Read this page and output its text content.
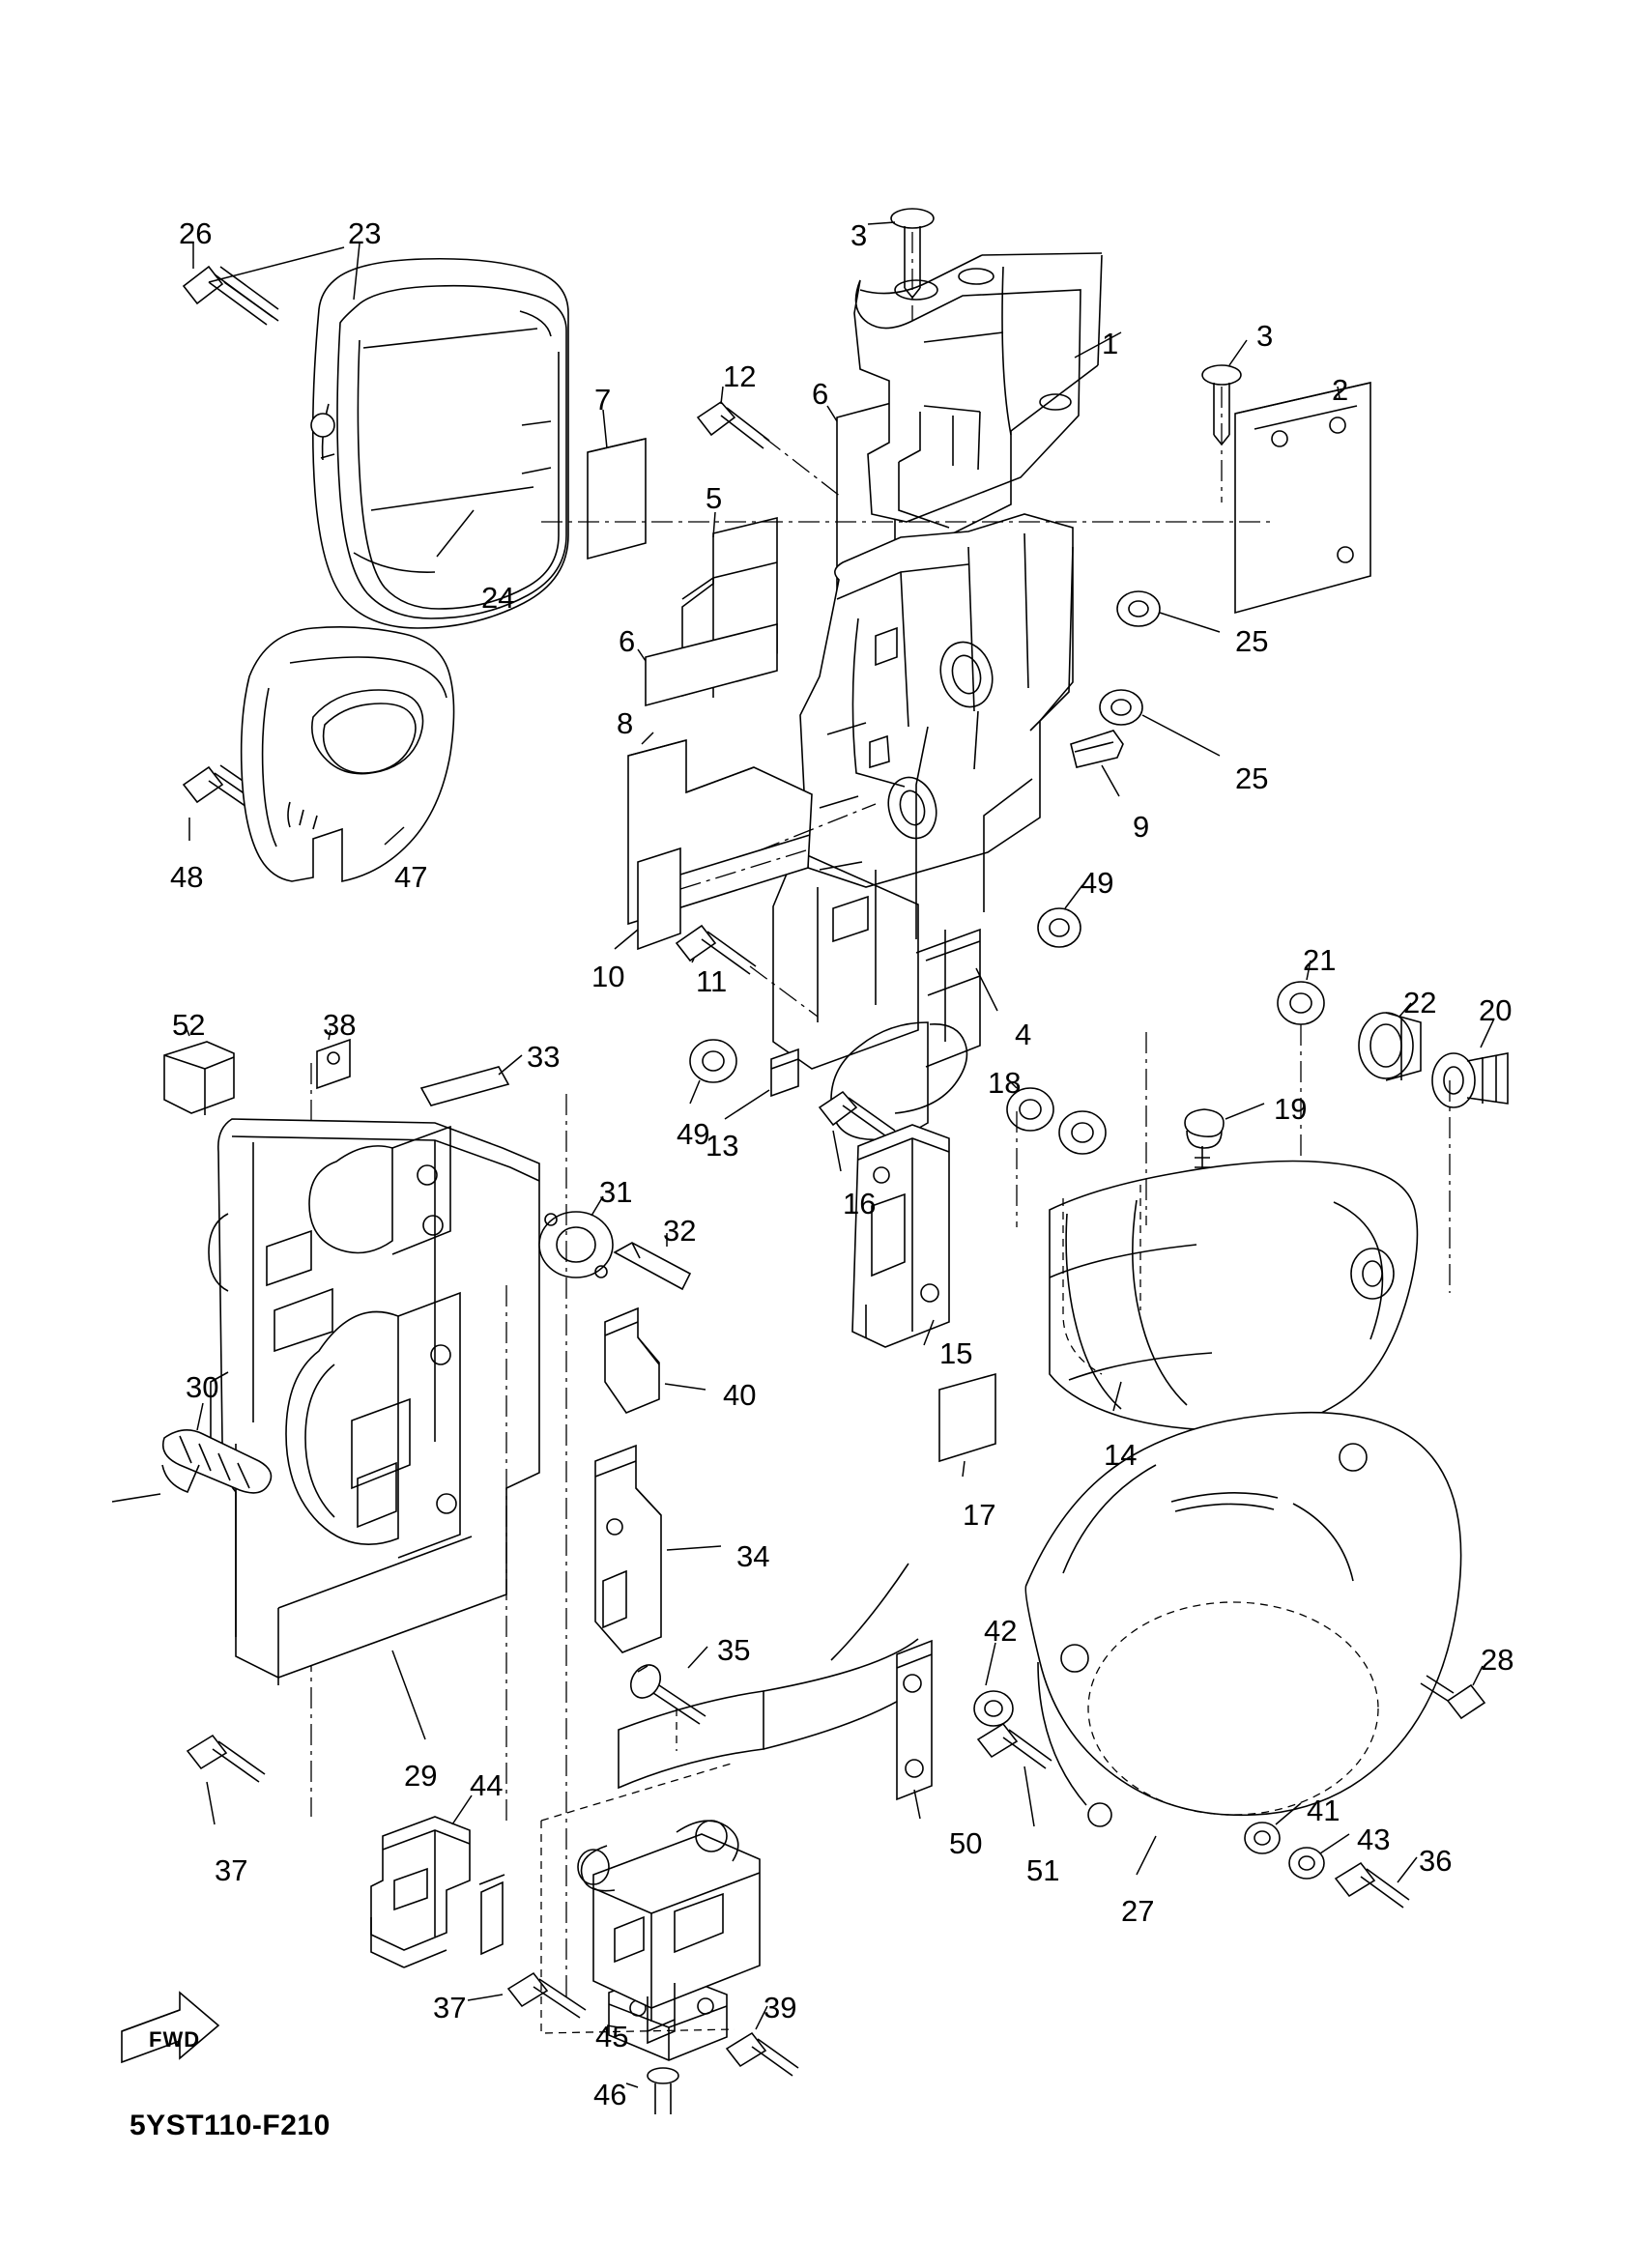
FWD
5YST110-F210
26	23	3
1	3
2
7
12
6
5
24
6	25
25
8
9
48	47
10 11
49
4
21
22 20
52	38
33
49
13
18
19
16
31
32
30
15
40
14
17
34
35
42
28
29 44
50
51
41
43
36
27
37
37
45
39
46
